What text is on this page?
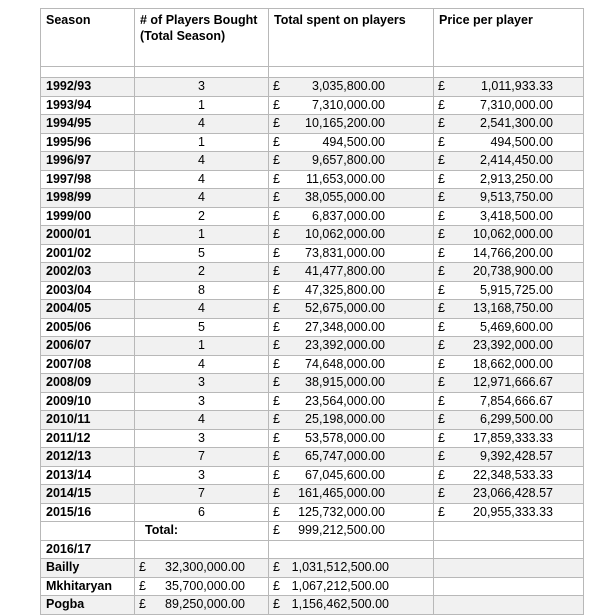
Season	# of Players Bought (Total Season)	Total spent on players	Price per player

1992/93	3	£ 3,035,800.00	£ 1,011,933.33
1993/94	1	£ 7,310,000.00	£ 7,310,000.00
1994/95	4	£ 10,165,200.00	£ 2,541,300.00
1995/96	1	£ 494,500.00	£ 494,500.00
1996/97	4	£ 9,657,800.00	£ 2,414,450.00
1997/98	4	£ 11,653,000.00	£ 2,913,250.00
1998/99	4	£ 38,055,000.00	£ 9,513,750.00
1999/00	2	£ 6,837,000.00	£ 3,418,500.00
2000/01	1	£ 10,062,000.00	£ 10,062,000.00
2001/02	5	£ 73,831,000.00	£ 14,766,200.00
2002/03	2	£ 41,477,800.00	£ 20,738,900.00
2003/04	8	£ 47,325,800.00	£ 5,915,725.00
2004/05	4	£ 52,675,000.00	£ 13,168,750.00
2005/06	5	£ 27,348,000.00	£ 5,469,600.00
2006/07	1	£ 23,392,000.00	£ 23,392,000.00
2007/08	4	£ 74,648,000.00	£ 18,662,000.00
2008/09	3	£ 38,915,000.00	£ 12,971,666.67
2009/10	3	£ 23,564,000.00	£ 7,854,666.67
2010/11	4	£ 25,198,000.00	£ 6,299,500.00
2011/12	3	£ 53,578,000.00	£ 17,859,333.33
2012/13	7	£ 65,747,000.00	£ 9,392,428.57
2013/14	3	£ 67,045,600.00	£ 22,348,533.33
2014/15	7	£ 161,465,000.00	£ 23,066,428.57
2015/16	6	£ 125,732,000.00	£ 20,955,333.33
	Total:	£ 999,212,500.00	
2016/17			
Bailly	£ 32,300,000.00	£ 1,031,512,500.00	
Mkhitaryan	£ 35,700,000.00	£ 1,067,212,500.00	
Pogba	£ 89,250,000.00	£ 1,156,462,500.00	
